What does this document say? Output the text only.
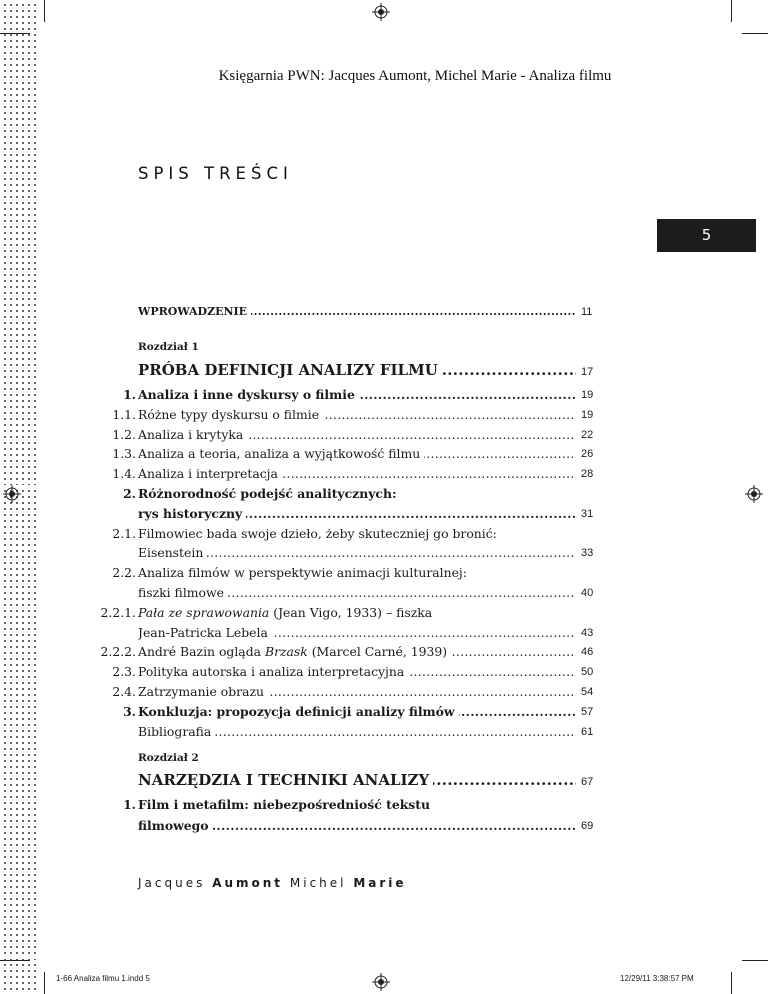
Księgarnia PWN: Jacques Aumont, Michel Marie - Analiza filmu
SPIS TREŚCI
5
WPROWADZENIE .....	11
Rozdział 1
PRÓBA DEFINICJI ANALIZY FILMU .....	17
1. Analiza i inne dyskursy o filmie .....	19
1.1. Różne typy dyskursu o filmie .....	19
1.2. Analiza i krytyka .....	22
1.3. Analiza a teoria, analiza a wyjątkowość filmu .....	26
1.4. Analiza i interpretacja .....	28
2. Różnorodność podejść analitycznych:
rys historyczny .....	31
2.1. Filmowiec bada swoje dzieło, żeby skuteczniej go bronić:
Eisenstein .....	33
2.2. Analiza filmów w perspektywie animacji kulturalnej:
fiszki filmowe .....	40
2.2.1. Pała ze sprawowania (Jean Vigo, 1933) – fiszka
Jean-Patricka Lebela .....	43
2.2.2. André Bazin ogląda Brzask (Marcel Carné, 1939) .....	46
2.3. Polityka autorska i analiza interpretacyjna .....	50
2.4. Zatrzymanie obrazu .....	54
3. Konkluzja: propozycja definicji analizy filmów .....	57
Bibliografia .....	61
Rozdział 2
NARZĘDZIA I TECHNIKI ANALIZY .....	67
1. Film i metafilm: niebezpośredniość tekstu
filmowego .....	69
Jacques Aumont Michel Marie
1-66 Analiza filmu 1.indd 5	12/29/11 3:38:57 PM
